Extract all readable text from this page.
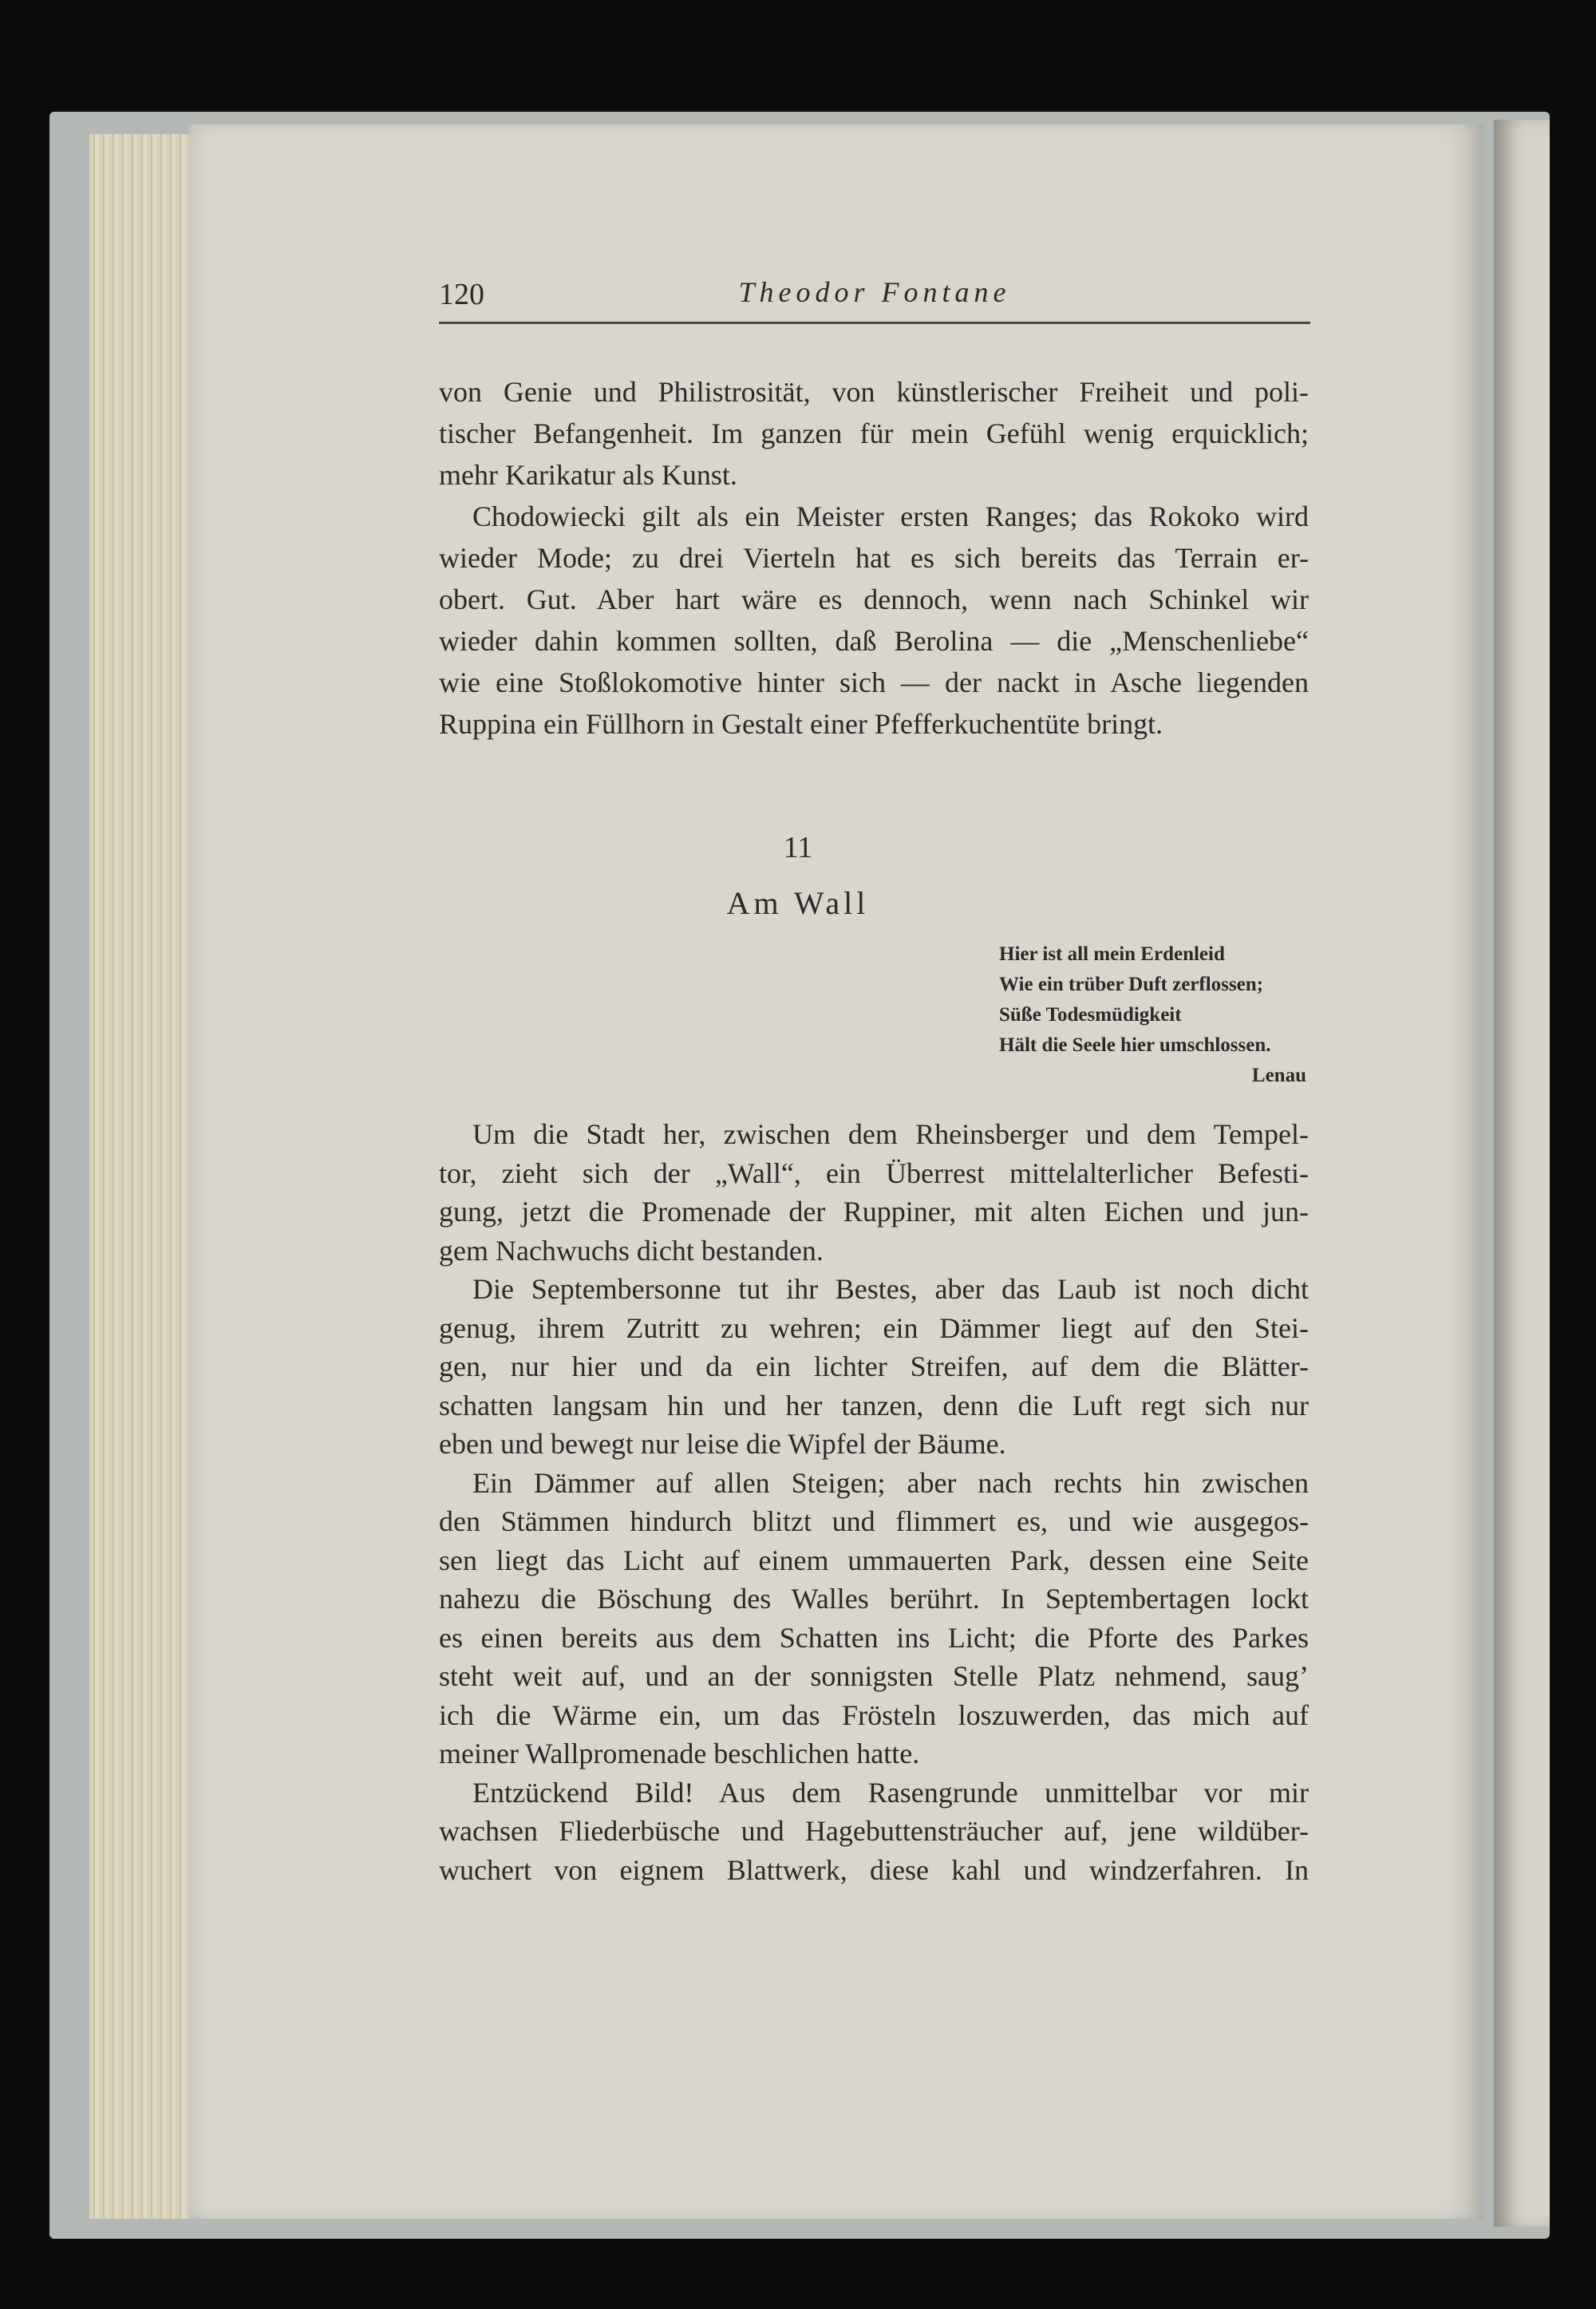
120	Theodor Fontane
von Genie und Philistrosität, von künstlerischer Freiheit und poli-
tischer Befangenheit. Im ganzen für mein Gefühl wenig erquicklich;
mehr Karikatur als Kunst.
Chodowiecki gilt als ein Meister ersten Ranges; das Rokoko wird
wieder Mode; zu drei Vierteln hat es sich bereits das Terrain er-
obert. Gut. Aber hart wäre es dennoch, wenn nach Schinkel wir
wieder dahin kommen sollten, daß Berolina — die „Menschenliebe“
wie eine Stoßlokomotive hinter sich — der nackt in Asche liegenden
Ruppina ein Füllhorn in Gestalt einer Pfefferkuchentüte bringt.
11
Am Wall
Hier ist all mein Erdenleid
Wie ein trüber Duft zerflossen;
Süße Todesmüdigkeit
Hält die Seele hier umschlossen.
Lenau
Um die Stadt her, zwischen dem Rheinsberger und dem Tempel-
tor, zieht sich der „Wall“, ein Überrest mittelalterlicher Befesti-
gung, jetzt die Promenade der Ruppiner, mit alten Eichen und jun-
gem Nachwuchs dicht bestanden.
Die Septembersonne tut ihr Bestes, aber das Laub ist noch dicht
genug, ihrem Zutritt zu wehren; ein Dämmer liegt auf den Stei-
gen, nur hier und da ein lichter Streifen, auf dem die Blätter-
schatten langsam hin und her tanzen, denn die Luft regt sich nur
eben und bewegt nur leise die Wipfel der Bäume.
Ein Dämmer auf allen Steigen; aber nach rechts hin zwischen
den Stämmen hindurch blitzt und flimmert es, und wie ausgegos-
sen liegt das Licht auf einem ummauerten Park, dessen eine Seite
nahezu die Böschung des Walles berührt. In Septembertagen lockt
es einen bereits aus dem Schatten ins Licht; die Pforte des Parkes
steht weit auf, und an der sonnigsten Stelle Platz nehmend, saug’
ich die Wärme ein, um das Frösteln loszuwerden, das mich auf
meiner Wallpromenade beschlichen hatte.
Entzückend Bild! Aus dem Rasengrunde unmittelbar vor mir
wachsen Fliederbüsche und Hagebuttensträucher auf, jene wildüber-
wuchert von eignem Blattwerk, diese kahl und windzerfahren. In
